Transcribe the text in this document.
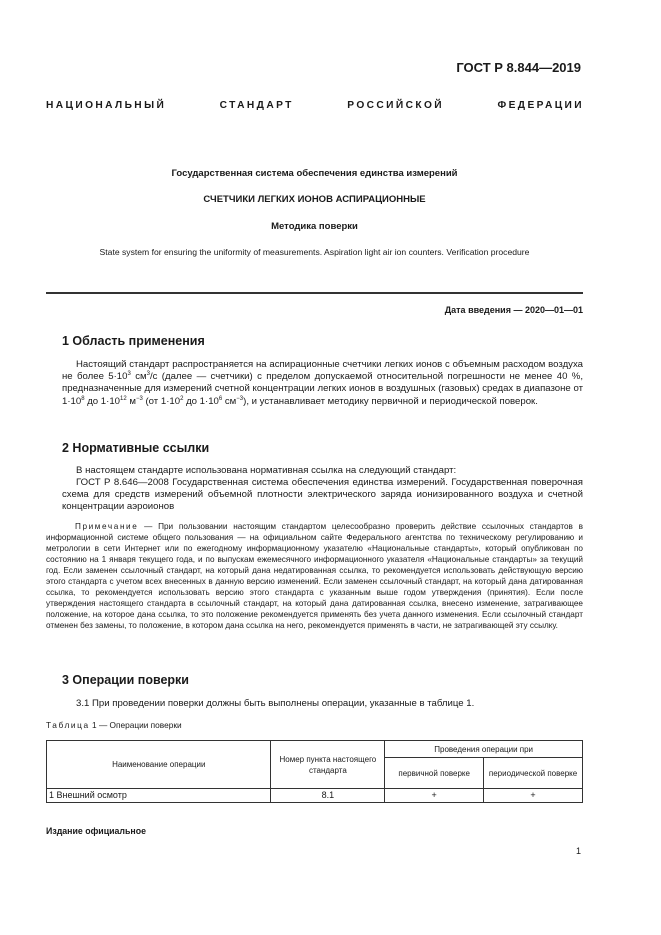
ГОСТ Р 8.844—2019
НАЦИОНАЛЬНЫЙ СТАНДАРТ РОССИЙСКОЙ ФЕДЕРАЦИИ
Государственная система обеспечения единства измерений
СЧЕТЧИКИ ЛЕГКИХ ИОНОВ АСПИРАЦИОННЫЕ
Методика поверки
State system for ensuring the uniformity of measurements. Aspiration light air ion counters. Verification procedure
Дата введения — 2020—01—01
1 Область применения
Настоящий стандарт распространяется на аспирационные счетчики легких ионов с объемным расходом воздуха не более $5\cdot 10^3$ $см^3/с$ (далее — счетчики) с пределом допускаемой относительной погрешности не менее 40 %, предназначенные для измерений счетной концентрации легких ионов в воздушных (газовых) средах в диапазоне от $1\cdot 10^8$ до $1\cdot 10^{12}$ $м^{-3}$ (от $1\cdot 10^2$ до $1\cdot 10^6$ $см^{-3}$), и устанавливает методику первичной и периодической поверок.
2 Нормативные ссылки
В настоящем стандарте использована нормативная ссылка на следующий стандарт:
ГОСТ Р 8.646—2008 Государственная система обеспечения единства измерений. Государственная поверочная схема для средств измерений объемной плотности электрического заряда ионизированного воздуха и счетной концентрации аэроионов
Примечание — При пользовании настоящим стандартом целесообразно проверить действие ссылочных стандартов в информационной системе общего пользования — на официальном сайте Федерального агентства по техническому регулированию и метрологии в сети Интернет или по ежегодному информационному указателю «Национальные стандарты», который опубликован по состоянию на 1 января текущего года, и по выпускам ежемесячного информационного указателя «Национальные стандарты» за текущий год. Если заменен ссылочный стандарт, на который дана недатированная ссылка, то рекомендуется использовать действующую версию этого стандарта с учетом всех внесенных в данную версию изменений. Если заменен ссылочный стандарт, на который дана датированная ссылка, то рекомендуется использовать версию этого стандарта с указанным выше годом утверждения (принятия). Если после утверждения настоящего стандарта в ссылочный стандарт, на который дана датированная ссылка, внесено изменение, затрагивающее положение, на которое дана ссылка, то это положение рекомендуется применять без учета данного изменения. Если ссылочный стандарт отменен без замены, то положение, в котором дана ссылка на него, рекомендуется применять в части, не затрагивающей эту ссылку.
3 Операции поверки
3.1 При проведении поверки должны быть выполнены операции, указанные в таблице 1.
Таблица 1 — Операции поверки
Наименование операции	Номер пункта настоящего стандарта	Проведения операции при	
		первичной поверке	периодической поверке
1 Внешний осмотр	8.1	+	+
Издание официальное
1
